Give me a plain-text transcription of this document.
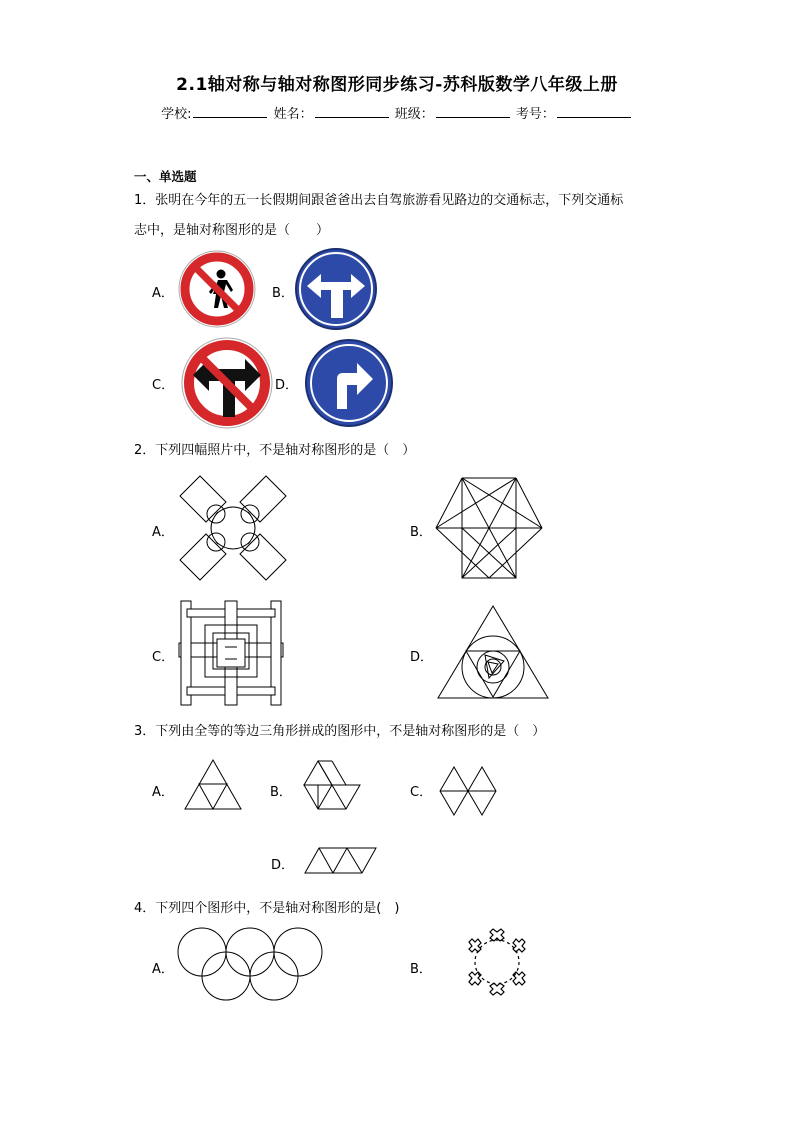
2.1轴对称与轴对称图形同步练习-苏科版数学八年级上册
学校:	姓名：	班级：	考号：
一、单选题
1．张明在今年的五一长假期间跟爸爸出去自驾旅游看见路边的交通标志，下列交通标
志中，是轴对称图形的是（　　）
A．	B．
C．	D．
2．下列四幅照片中，不是轴对称图形的是（　）
A．	B．
C．	D．
3．下列由全等的等边三角形拼成的图形中，不是轴对称图形的是（　）
A．	B．	C．
D．
4．下列四个图形中，不是轴对称图形的是(　)
A．	B．
